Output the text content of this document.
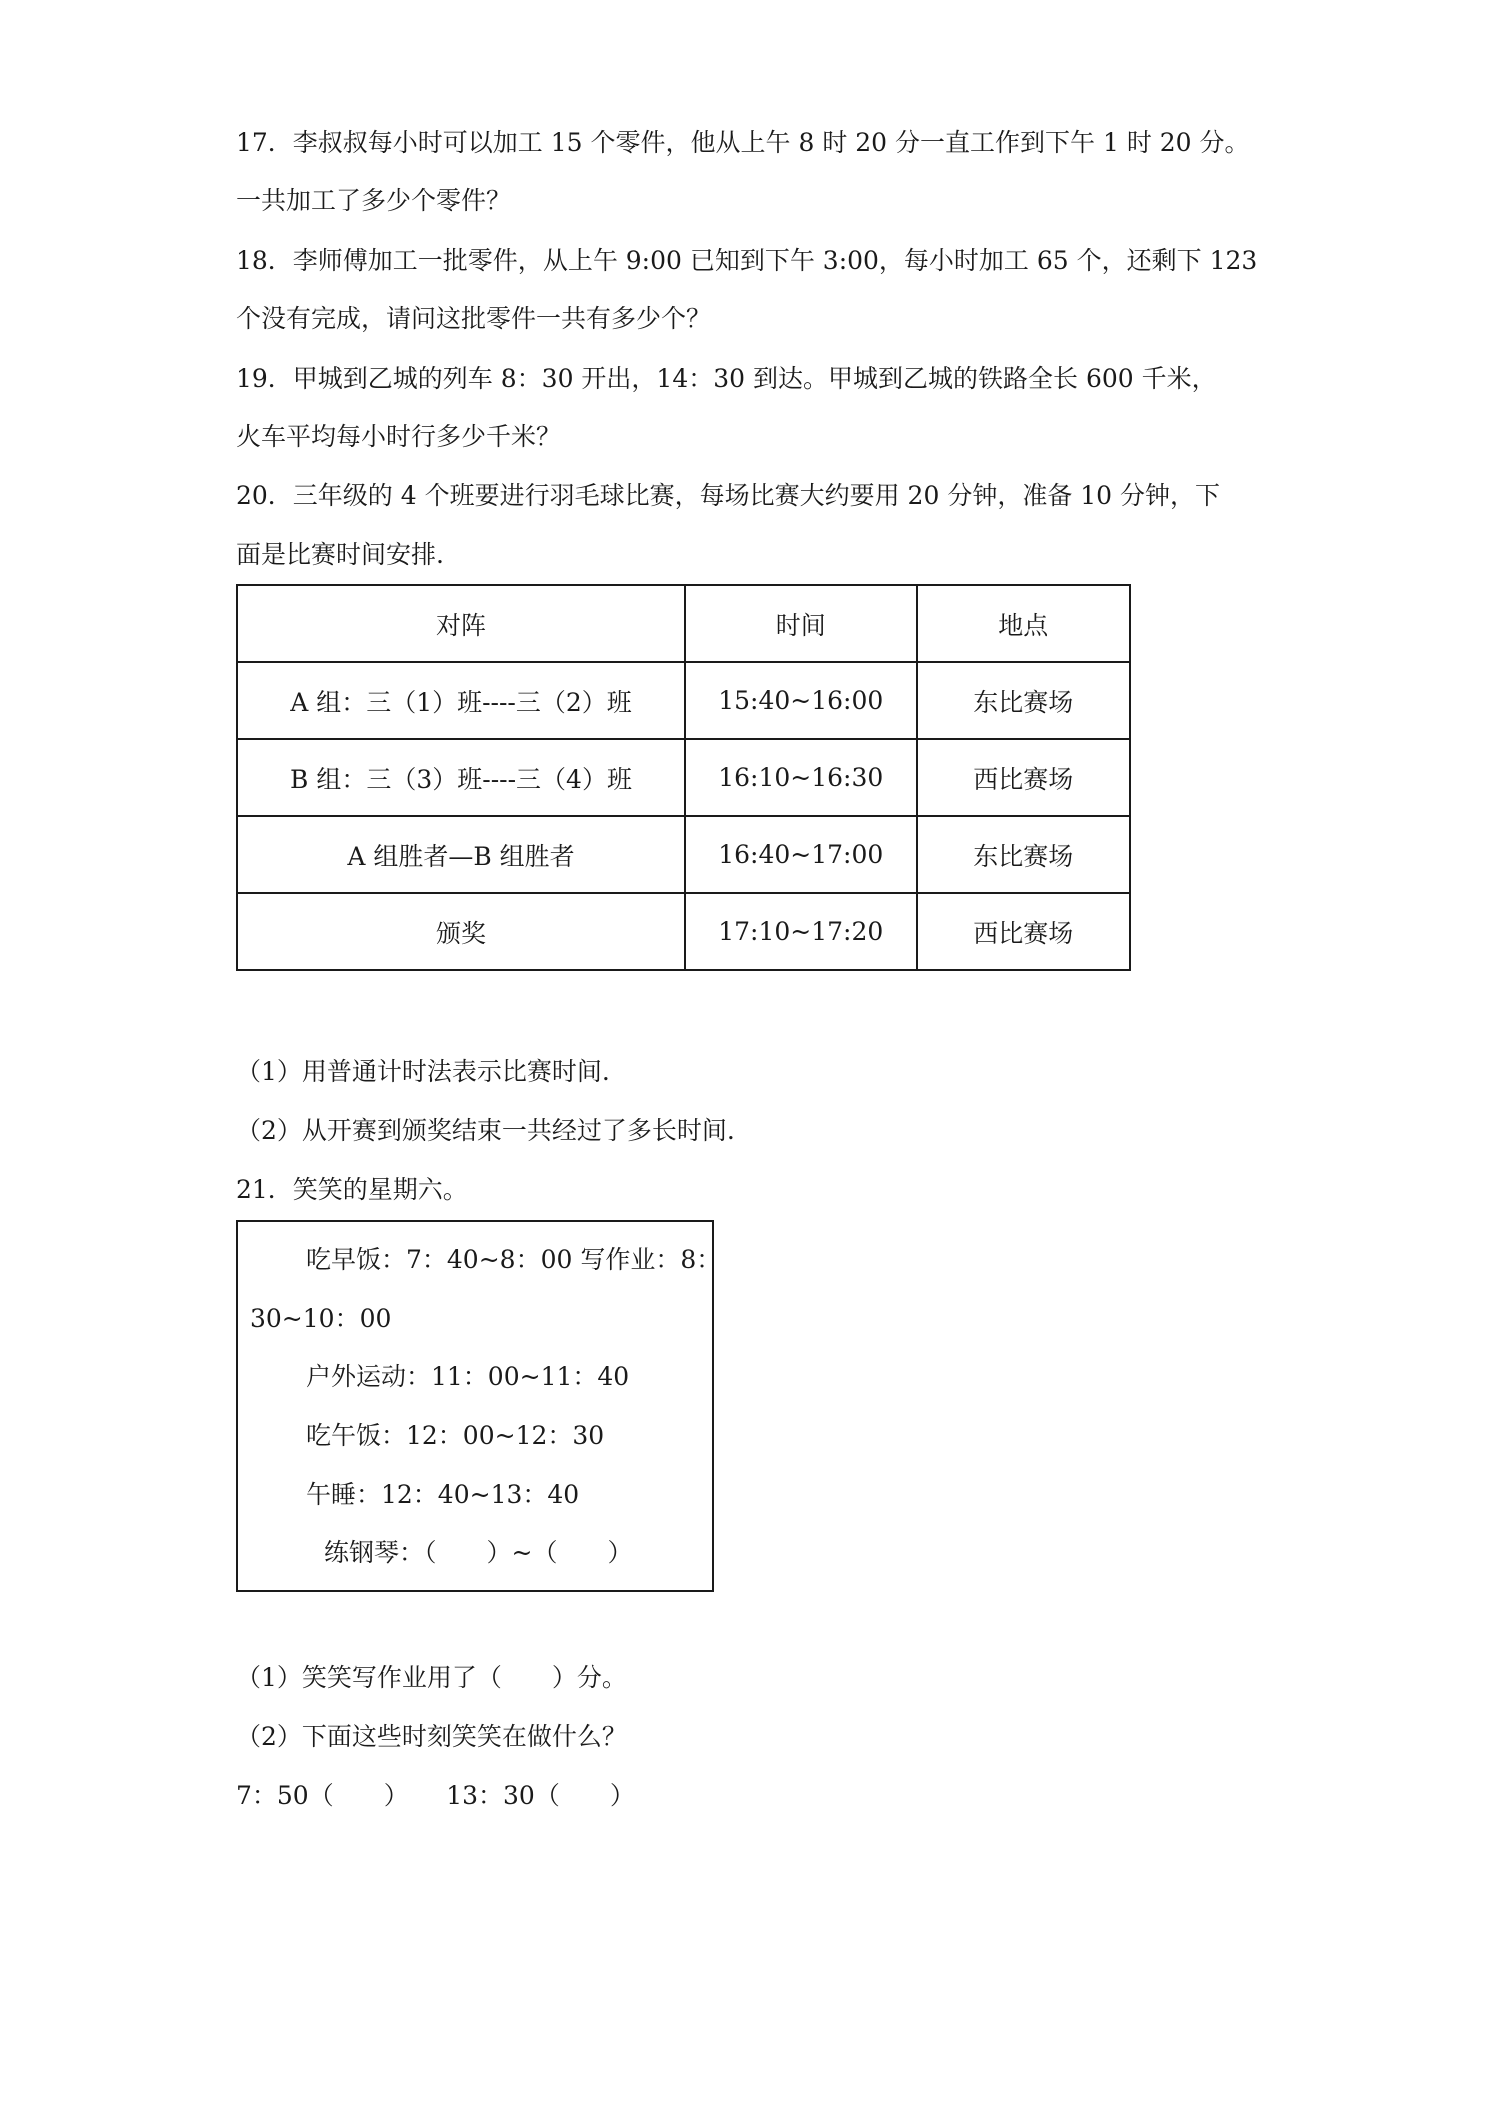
17．李叔叔每小时可以加工 15 个零件，他从上午 8 时 20 分一直工作到下午 1 时 20 分。
一共加工了多少个零件？
18．李师傅加工一批零件，从上午 9:00 已知到下午 3:00，每小时加工 65 个，还剩下 123
个没有完成，请问这批零件一共有多少个？
19．甲城到乙城的列车 8：30 开出，14：30 到达。甲城到乙城的铁路全长 600 千米，
火车平均每小时行多少千米？
20．三年级的 4 个班要进行羽毛球比赛，每场比赛大约要用 20 分钟，准备 10 分钟，下
面是比赛时间安排.
对阵	时间	地点
A 组：三（1）班----三（2）班	15:40~16:00	东比赛场
B 组：三（3）班----三（4）班	16:10~16:30	西比赛场
A 组胜者—B 组胜者	16:40~17:00	东比赛场
颁奖	17:10~17:20	西比赛场
（1）用普通计时法表示比赛时间.
（2）从开赛到颁奖结束一共经过了多长时间.
21．笑笑的星期六。
吃早饭：7：40~8：00 写作业：8：
30~10：00
户外运动：11：00~11：40
吃午饭：12：00~12：30
午睡：12：40~13：40
练钢琴：（　　）~（　　）
（1）笑笑写作业用了（　　）分。
（2）下面这些时刻笑笑在做什么？
7：50（　　）　　13：30（　　）
